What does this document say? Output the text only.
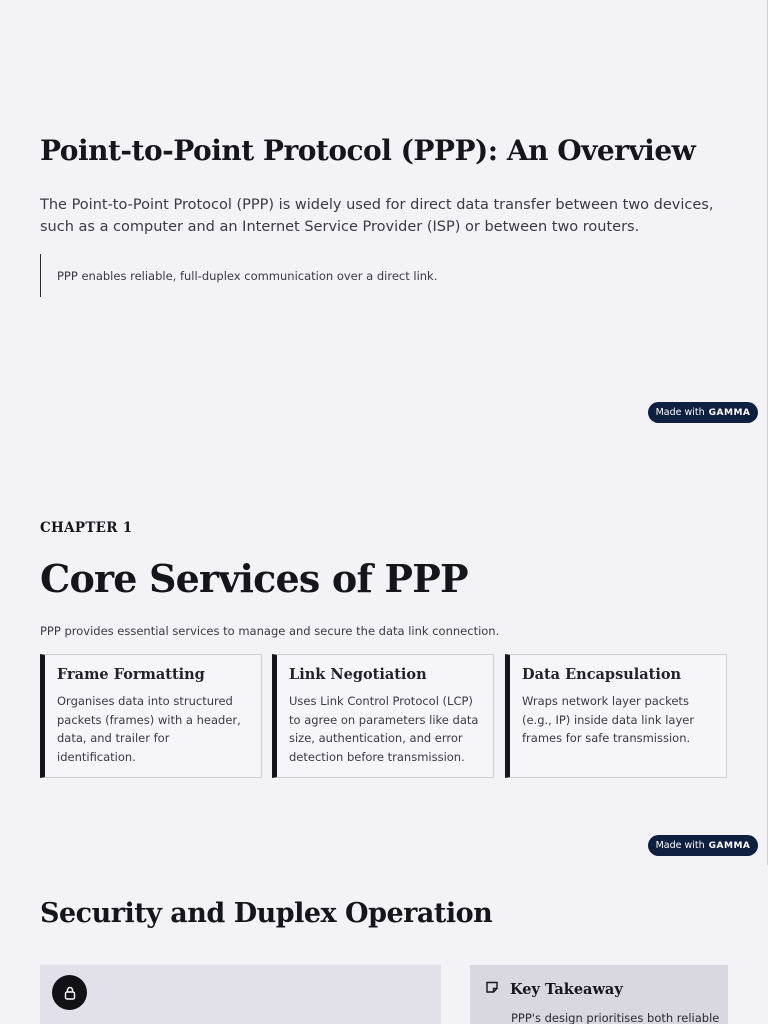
Point-to-Point Protocol (PPP): An Overview

The Point-to-Point Protocol (PPP) is widely used for direct data transfer between two devices, such as a computer and an Internet Service Provider (ISP) or between two routers.

PPP enables reliable, full-duplex communication over a direct link.
Made with GAMMA
CHAPTER 1
Core Services of PPP

PPP provides essential services to manage and secure the data link connection.

Frame Formatting
Organises data into structured packets (frames) with a header, data, and trailer for identification.
Link Negotiation
Uses Link Control Protocol (LCP) to agree on parameters like data size, authentication, and error detection before transmission.
Data Encapsulation
Wraps network layer packets (e.g., IP) inside data link layer frames for safe transmission.
Made with GAMMA
Security and Duplex Operation
Key Takeaway
PPP's design prioritises both reliable
